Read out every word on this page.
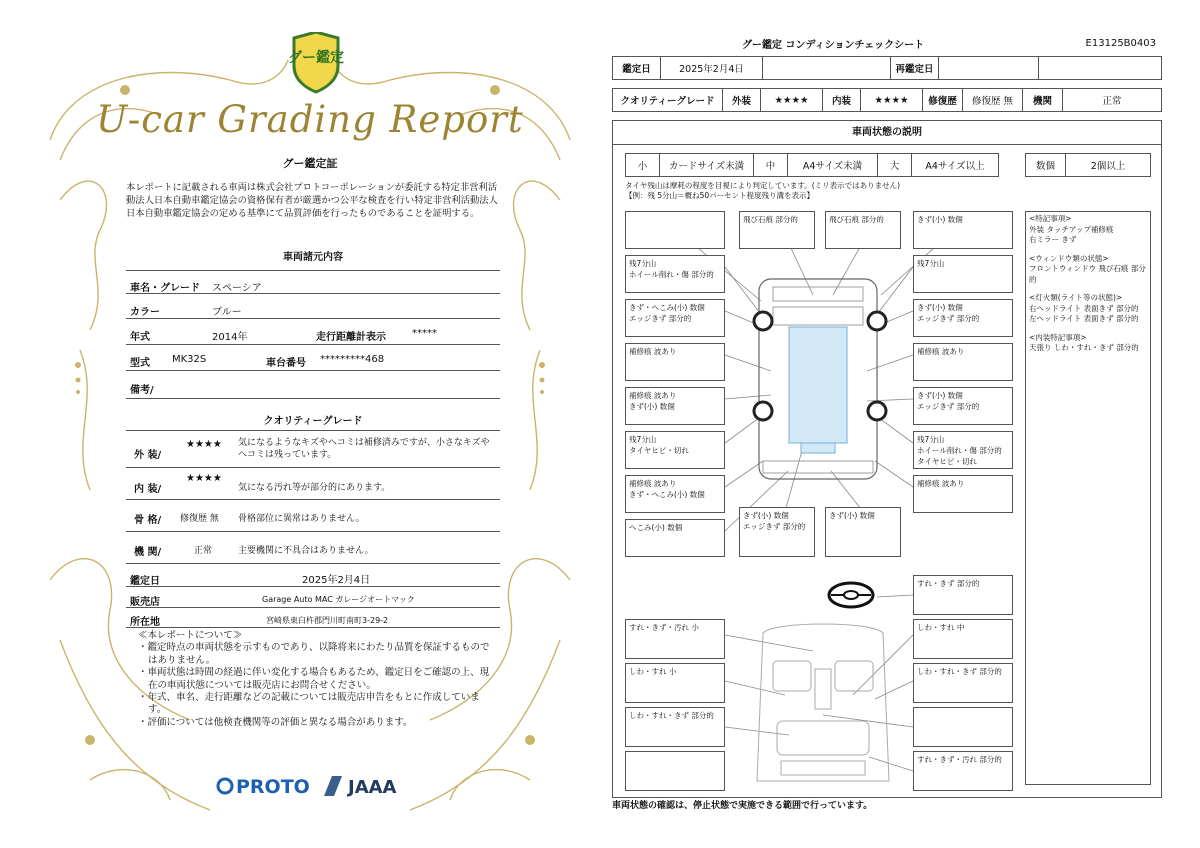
グー鑑定
U-car Grading Report
グー鑑定証
本レポートに記載される車両は株式会社プロトコーポレーションが委託する特定非営利活動法人日本自動車鑑定協会の資格保有者が厳選かつ公平な検査を行い特定非営利活動法人日本自動車鑑定協会の定める基準にて品質評価を行ったものであることを証明する。
車両諸元内容
車名・グレード スペーシア
カラー	ブルー
年式	2014年	走行距離計表示	*****
型式 MK32S	車台番号 *********468
備考/
クオリティーグレード
外 装/
★★★★ 気になるようなキズやヘコミは補修済みですが、小さなキズやヘコミは残っています。
内 装/
★★★★
気になる汚れ等が部分的にあります。
骨 格/ 修復歴 無 骨格部位に異常はありません。
機 関/	正常	主要機関に不具合はありません。
鑑定日	2025年2月4日
販売店	Garage Auto MAC ガレージオートマック
所在地	宮崎県東臼杵郡門川町南町3-29-2
≪本レポートについて≫
・鑑定時点の車両状態を示すものであり、以降将来にわたり品質を保証するものではありません。
・車両状態は時間の経過に伴い変化する場合もあるため、鑑定日をご確認の上、現在の車両状態については販売店にお問合せください。
・年式、車名、走行距離などの記載については販売店申告をもとに作成しています。
・評価については他検査機関等の評価と異なる場合があります。
PROTO JAAA
グー鑑定 コンディションチェックシート	E13125B0403
鑑定日	2025年2月4日	再鑑定日
クオリティーグレード	外装	★★★★	内装	★★★★	修復歴	修復歴 無	機関	正常
車両状態の説明
小	カードサイズ未満	中	A4サイズ未満	大	A4サイズ以上	数個	2個以上
タイヤ残山は摩耗の程度を目視により判定しています。(ミリ表示ではありません)
【例：残 5分山＝概ね50パーセント程度残り溝を表示】
飛び石痕 部分的	飛び石痕 部分的	きず(小) 数個
残7分山
ホイール削れ・傷 部分的
残7分山
きず・へこみ(小) 数個
エッジきず 部分的
きず(小) 数個
エッジきず 部分的
補修痕 波あり	補修痕 波あり
補修痕 波あり
きず(小) 数個
きず(小) 数個
エッジきず 部分的
残7分山
タイヤヒビ・切れ
残7分山
ホイール削れ・傷 部分的
タイヤヒビ・切れ
補修痕 波あり
きず・へこみ(小) 数個
補修痕 波あり
へこみ(小) 数個
きず(小) 数個
エッジきず 部分的
きず(小) 数個
すれ・きず 部分的
すれ・きず・汚れ 小	しわ・すれ 中
しわ・すれ 小	しわ・すれ・きず 部分的
しわ・すれ・きず 部分的
すれ・きず・汚れ 部分的
<特記事項>
外装 タッチアップ補修痕
右ミラー きず
<ウィンドウ類の状態>
フロントウィンドウ 飛び石痕 部分的
<灯火類(ライト等の状態)>
右ヘッドライト 表面きず 部分的
左ヘッドライト 表面きず 部分的
<内装特記事項>
天張り しわ・すれ・きず 部分的
車両状態の確認は、停止状態で実施できる範囲で行っています。
